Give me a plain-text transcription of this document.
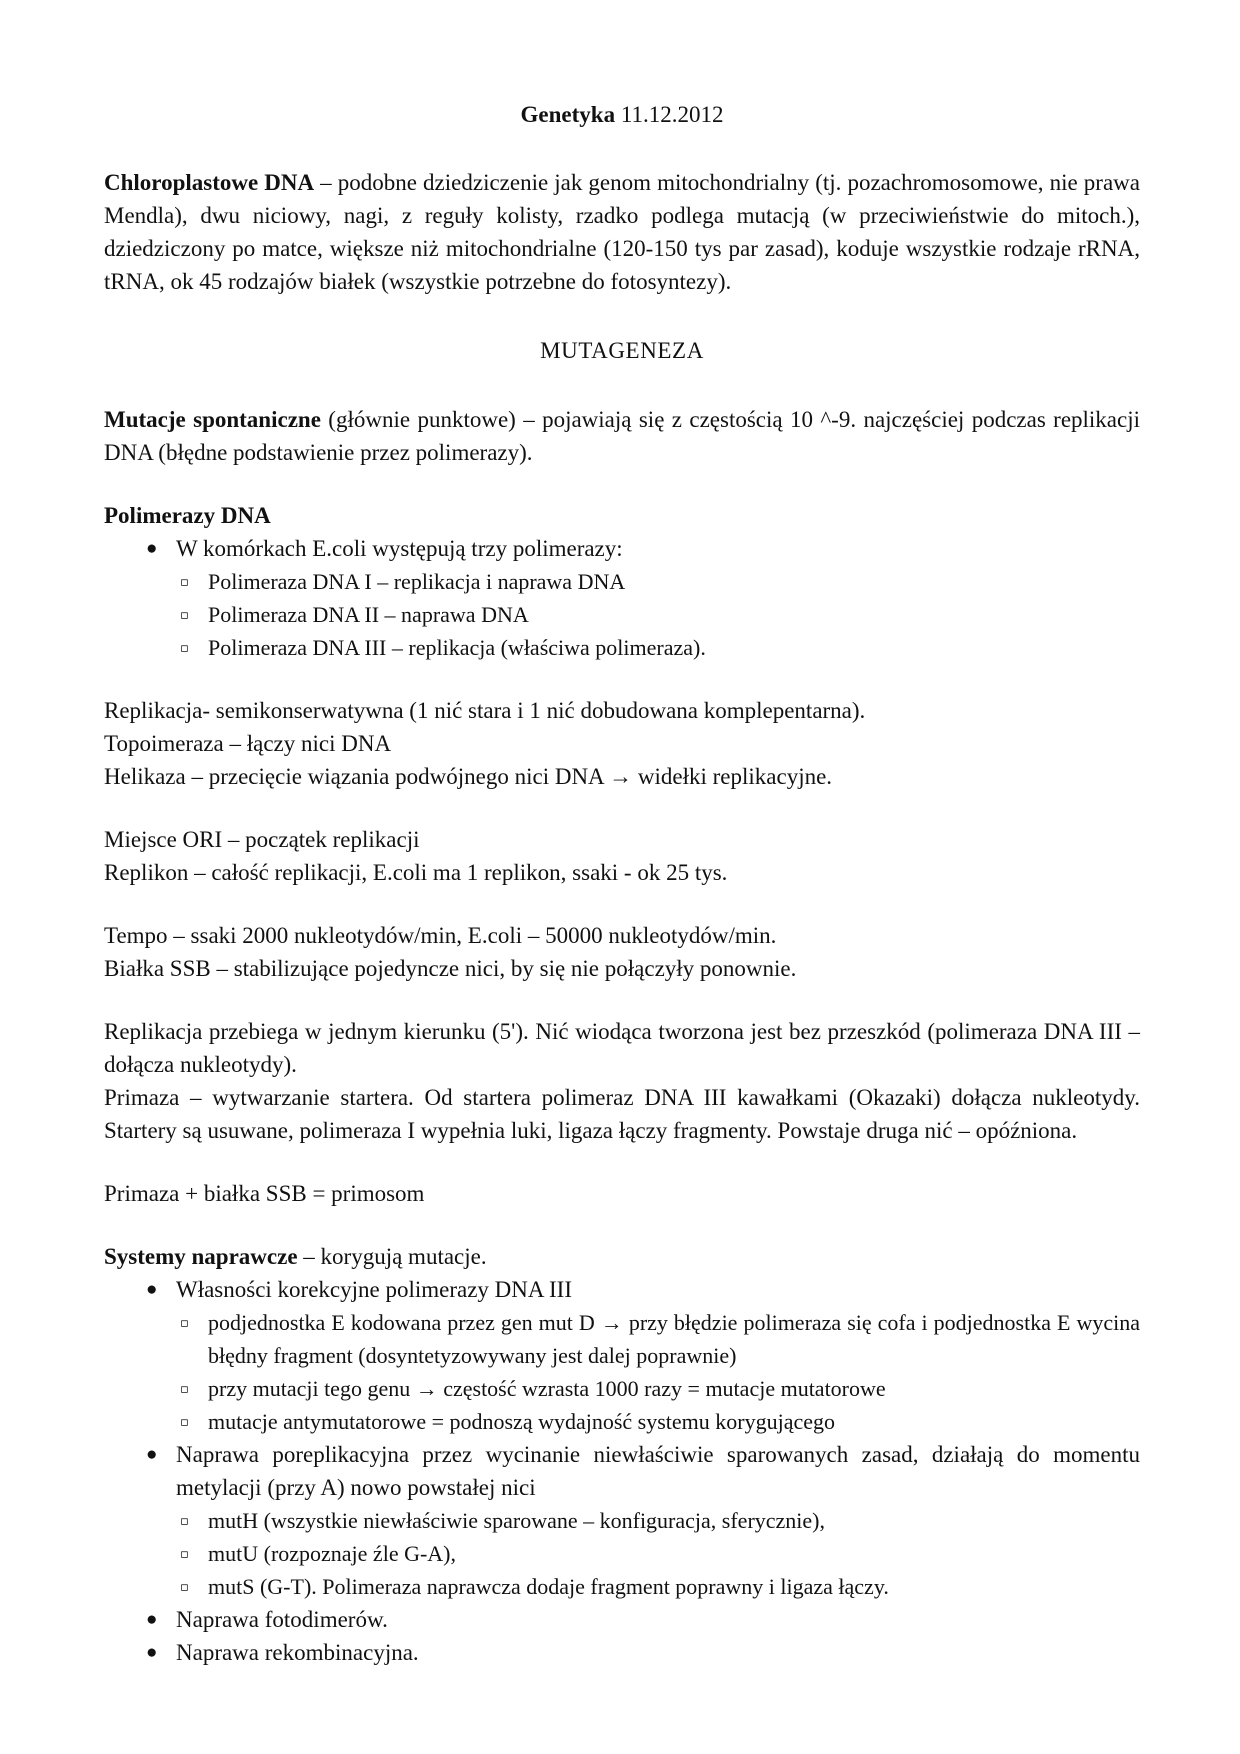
Genetyka 11.12.2012

Chloroplastowe DNA – podobne dziedziczenie jak genom mitochondrialny (tj. pozachromosomowe, nie prawa Mendla), dwu niciowy, nagi, z reguły kolisty, rzadko podlega mutacją (w przeciwieństwie do mitoch.), dziedziczony po matce, większe niż mitochondrialne (120-150 tys par zasad), koduje wszystkie rodzaje rRNA, tRNA, ok 45 rodzajów białek (wszystkie potrzebne do fotosyntezy).

MUTAGENEZA

Mutacje spontaniczne (głównie punktowe) – pojawiają się z częstością 10 ^-9. najczęściej podczas replikacji DNA (błędne podstawienie przez polimerazy).

Polimerazy DNA

● W komórkach E.coli występują trzy polimerazy:
▫ Polimeraza DNA I – replikacja i naprawa DNA
▫ Polimeraza DNA II – naprawa DNA
▫ Polimeraza DNA III – replikacja (właściwa polimeraza).

Replikacja- semikonserwatywna (1 nić stara i 1 nić dobudowana komplepentarna).

Topoimeraza – łączy nici DNA

Helikaza – przecięcie wiązania podwójnego nici DNA → widełki replikacyjne.

Miejsce ORI – początek replikacji

Replikon – całość replikacji, E.coli ma 1 replikon, ssaki - ok 25 tys.

Tempo – ssaki 2000 nukleotydów/min, E.coli – 50000 nukleotydów/min.

Białka SSB – stabilizujące pojedyncze nici, by się nie połączyły ponownie.

Replikacja przebiega w jednym kierunku (5'). Nić wiodąca tworzona jest bez przeszkód (polimeraza DNA III – dołącza nukleotydy).

Primaza – wytwarzanie startera. Od startera polimeraz DNA III kawałkami (Okazaki) dołącza nukleotydy. Startery są usuwane, polimeraza I wypełnia luki, ligaza łączy fragmenty. Powstaje druga nić – opóźniona.

Primaza + białka SSB = primosom

Systemy naprawcze – korygują mutacje.

● Własności korekcyjne polimerazy DNA III
▫ podjednostka E kodowana przez gen mut D → przy błędzie polimeraza się cofa i podjednostka E wycina błędny fragment (dosyntetyzowywany jest dalej poprawnie)
▫ przy mutacji tego genu → częstość wzrasta 1000 razy = mutacje mutatorowe
▫ mutacje antymutatorowe = podnoszą wydajność systemu korygującego
● Naprawa poreplikacyjna przez wycinanie niewłaściwie sparowanych zasad, działają do momentu metylacji (przy A) nowo powstałej nici
▫ mutH (wszystkie niewłaściwie sparowane – konfiguracja, sferycznie),
▫ mutU (rozpoznaje źle G-A),
▫ mutS (G-T). Polimeraza naprawcza dodaje fragment poprawny i ligaza łączy.
● Naprawa fotodimerów.
● Naprawa rekombinacyjna.
